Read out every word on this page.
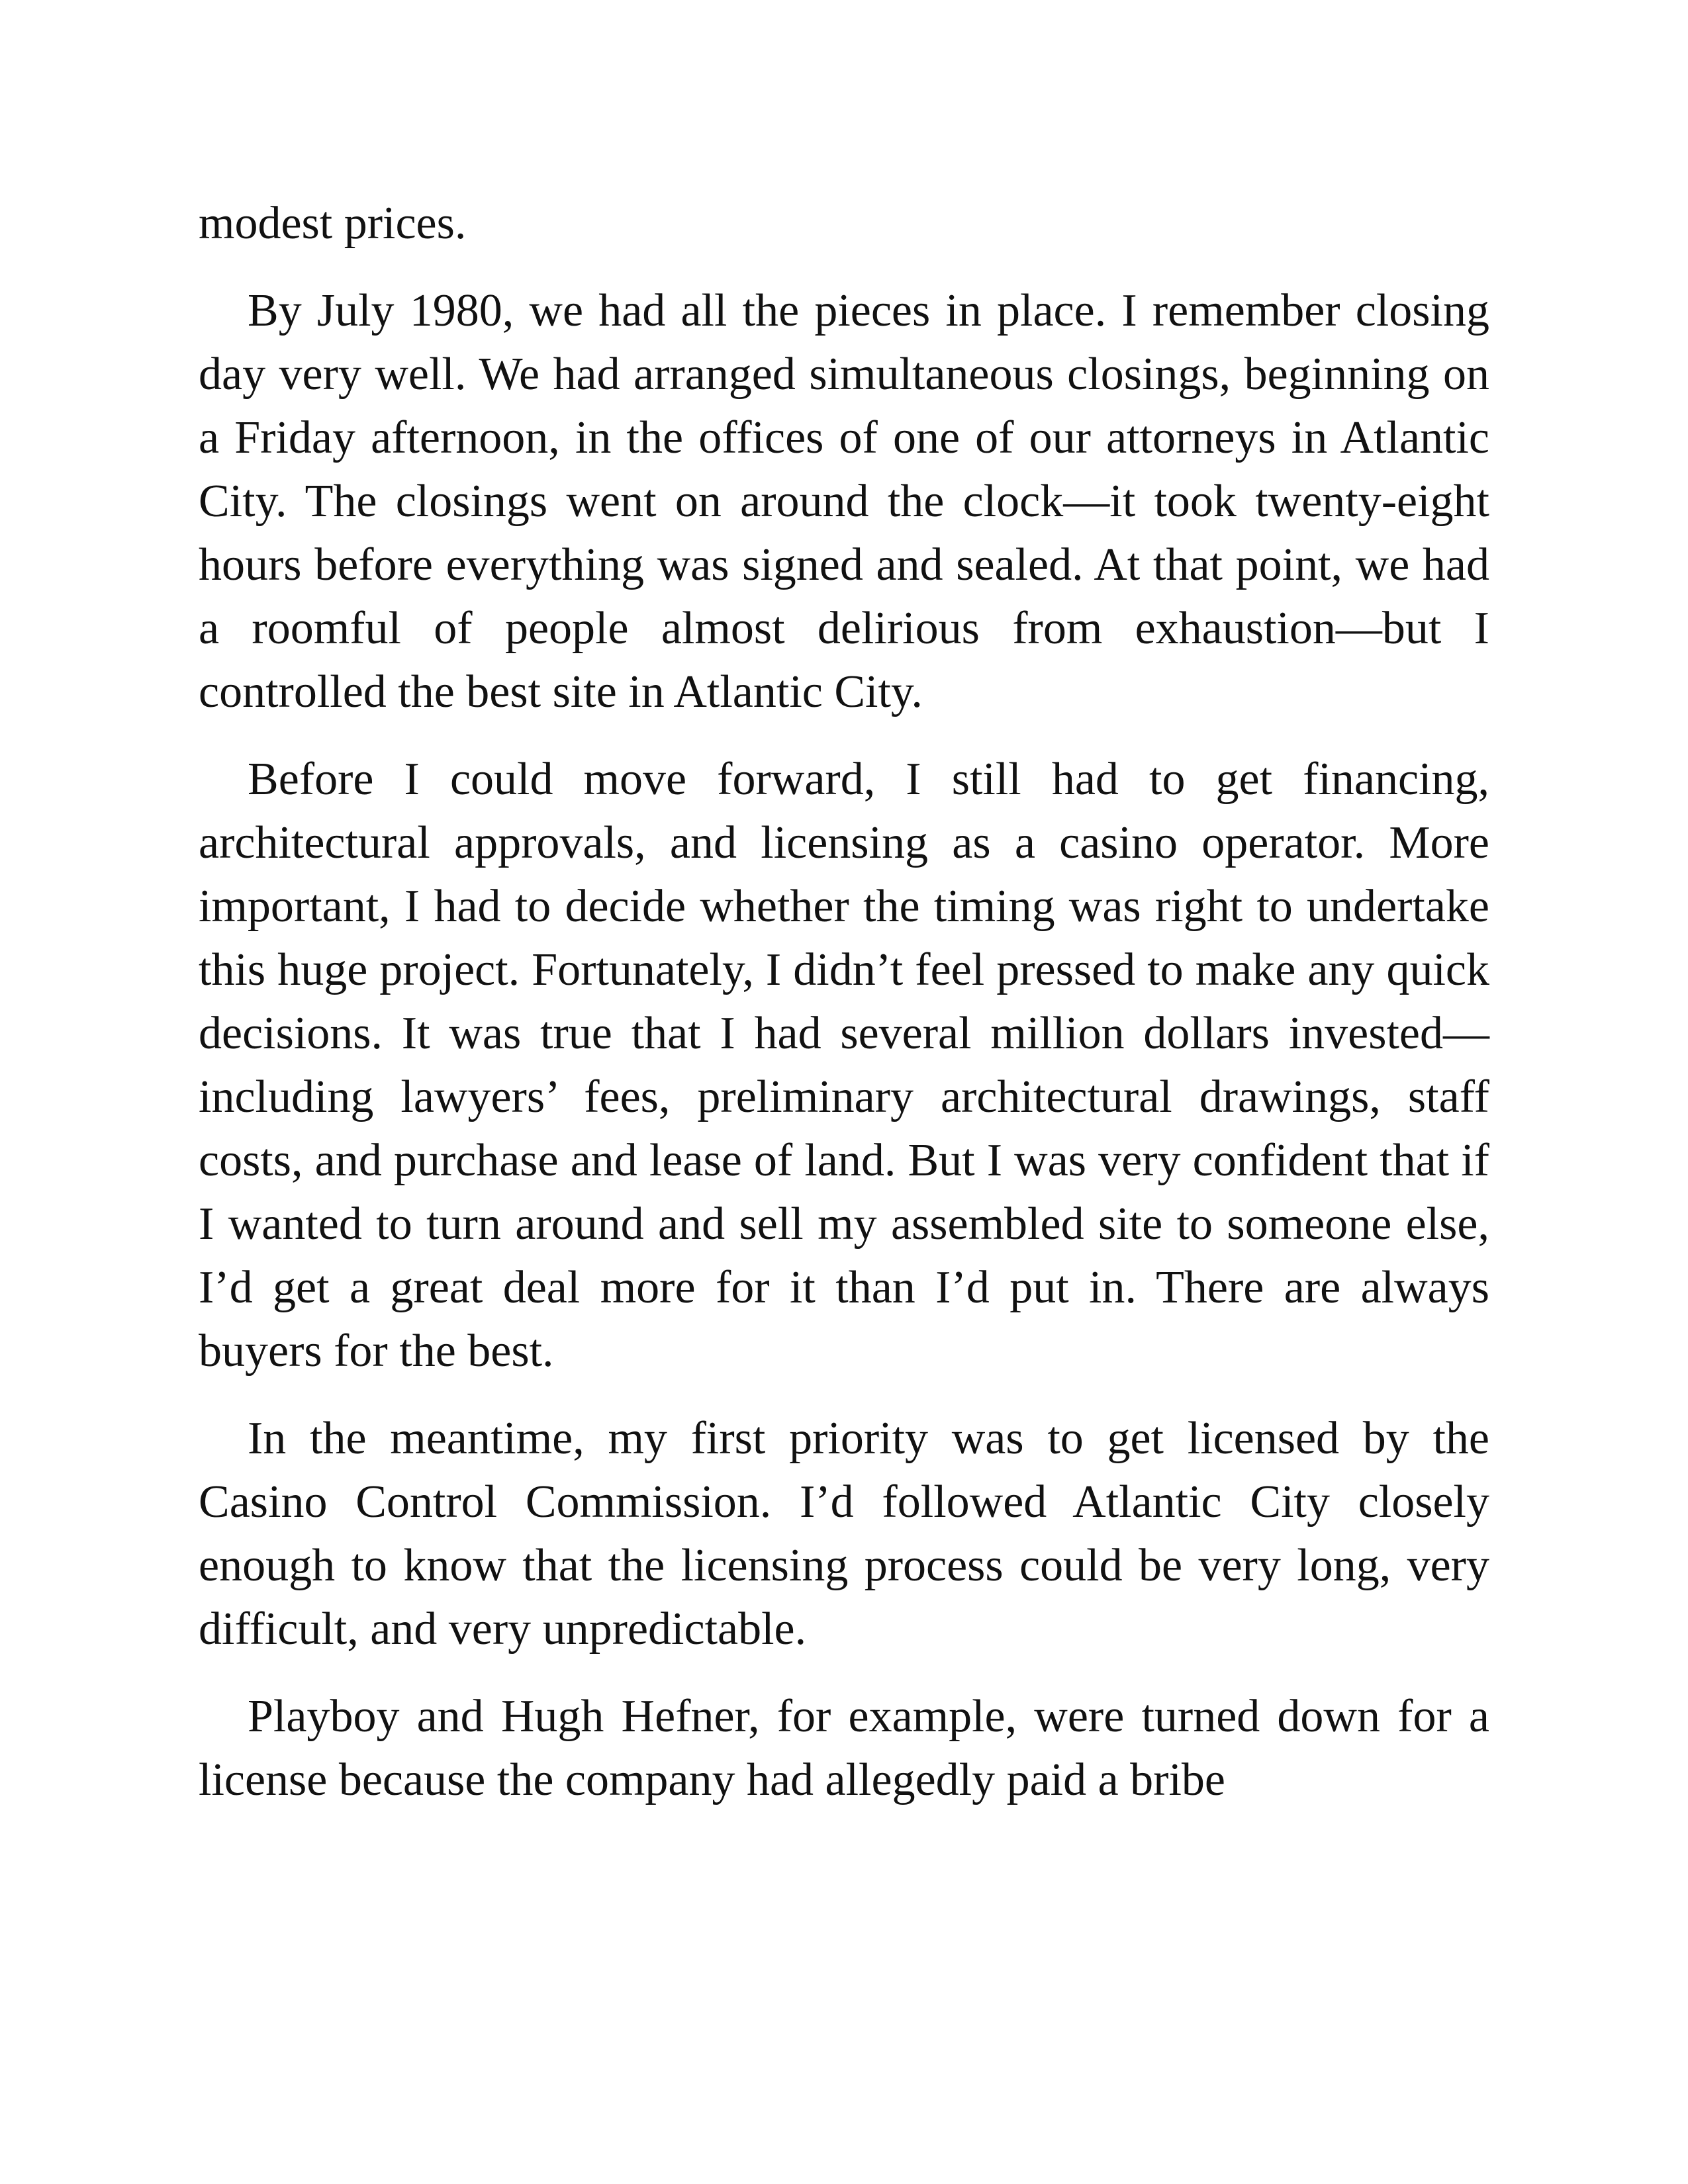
modest prices.

By July 1980, we had all the pieces in place. I remember closing day very well. We had arranged simultaneous closings, beginning on a Friday afternoon, in the offices of one of our attorneys in Atlantic City. The closings went on around the clock—it took twenty-eight hours before everything was signed and sealed. At that point, we had a roomful of people almost delirious from exhaustion—but I controlled the best site in Atlantic City.

Before I could move forward, I still had to get financing, architectural approvals, and licensing as a casino operator. More important, I had to decide whether the timing was right to undertake this huge project. Fortunately, I didn’t feel pressed to make any quick decisions. It was true that I had several million dollars invested—including lawyers’ fees, preliminary architectural drawings, staff costs, and purchase and lease of land. But I was very confident that if I wanted to turn around and sell my assembled site to someone else, I’d get a great deal more for it than I’d put in. There are always buyers for the best.

In the meantime, my first priority was to get licensed by the Casino Control Commission. I’d followed Atlantic City closely enough to know that the licensing process could be very long, very difficult, and very unpredictable.

Playboy and Hugh Hefner, for example, were turned down for a license because the company had allegedly paid a bribe
